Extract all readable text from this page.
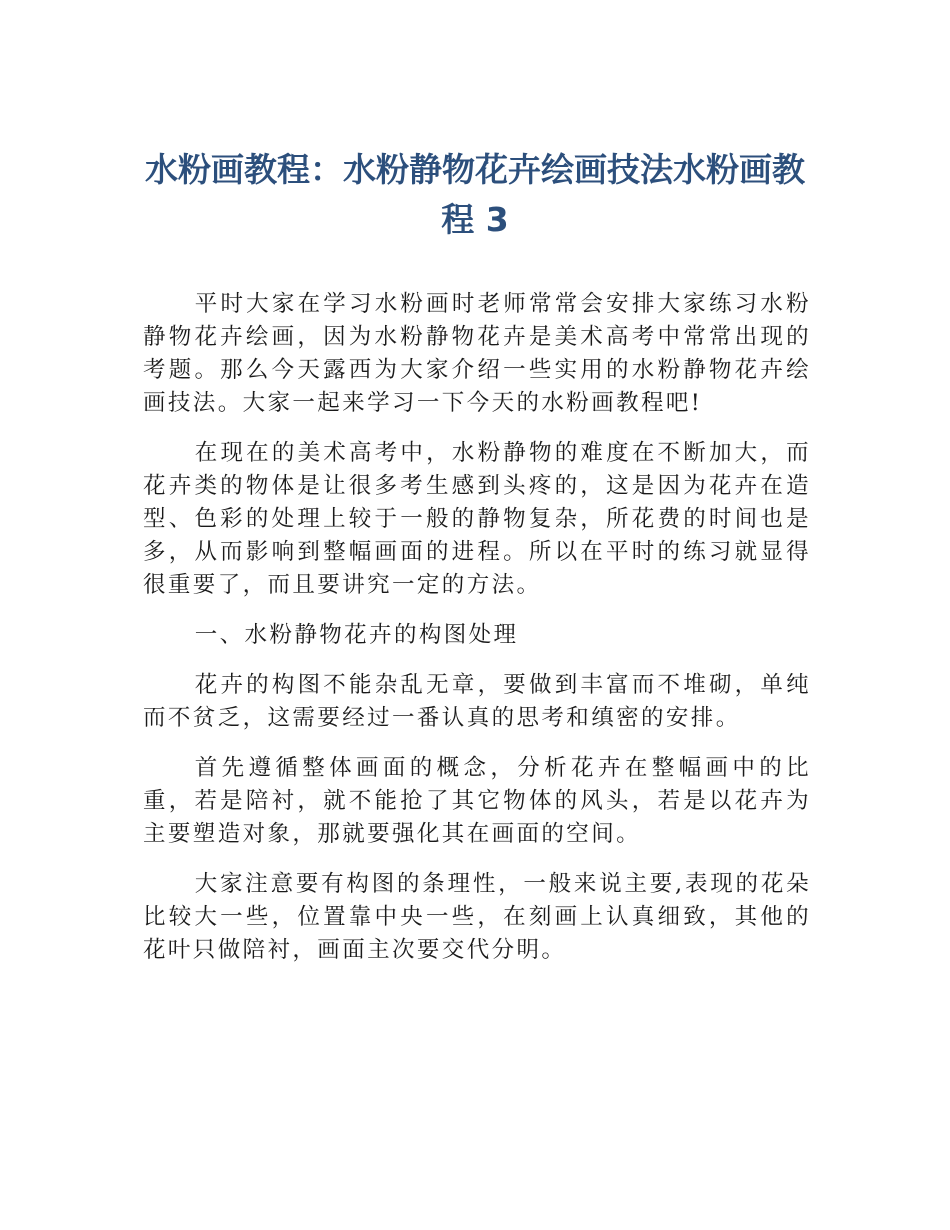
水粉画教程：水粉静物花卉绘画技法水粉画教程 3

平时大家在学习水粉画时老师常常会安排大家练习水粉静物花卉绘画，因为水粉静物花卉是美术高考中常常出现的考题。那么今天露西为大家介绍一些实用的水粉静物花卉绘画技法。大家一起来学习一下今天的水粉画教程吧!

在现在的美术高考中，水粉静物的难度在不断加大，而花卉类的物体是让很多考生感到头疼的，这是因为花卉在造型、色彩的处理上较于一般的静物复杂，所花费的时间也是多，从而影响到整幅画面的进程。所以在平时的练习就显得很重要了，而且要讲究一定的方法。

一、水粉静物花卉的构图处理

花卉的构图不能杂乱无章，要做到丰富而不堆砌，单纯而不贫乏，这需要经过一番认真的思考和缜密的安排。

首先遵循整体画面的概念，分析花卉在整幅画中的比重，若是陪衬，就不能抢了其它物体的风头，若是以花卉为主要塑造对象，那就要强化其在画面的空间。

大家注意要有构图的条理性，一般来说主要,表现的花朵比较大一些，位置靠中央一些，在刻画上认真细致，其他的花叶只做陪衬，画面主次要交代分明。
